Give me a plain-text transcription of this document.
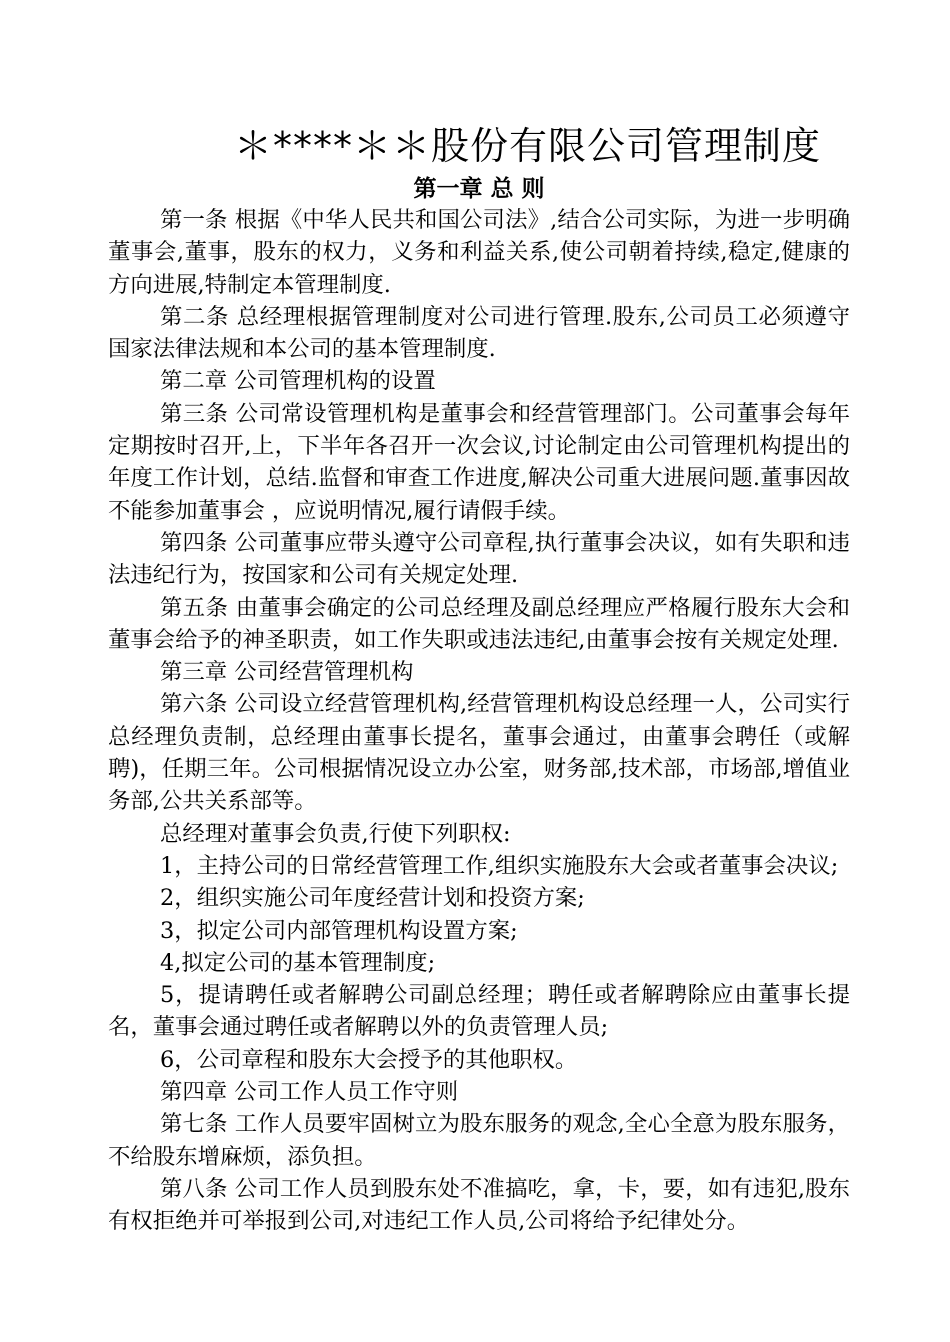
＊****＊＊股份有限公司管理制度
第一章 总 则

第一条 根据《中华人民共和国公司法》,结合公司实际，为进一步明确董事会,董事，股东的权力，义务和利益关系,使公司朝着持续,稳定,健康的方向进展,特制定本管理制度.

第二条 总经理根据管理制度对公司进行管理.股东,公司员工必须遵守国家法律法规和本公司的基本管理制度.

第二章 公司管理机构的设置

第三条 公司常设管理机构是董事会和经营管理部门。公司董事会每年定期按时召开,上，下半年各召开一次会议,讨论制定由公司管理机构提出的年度工作计划，总结.监督和审查工作进度,解决公司重大进展问题.董事因故不能参加董事会 ，应说明情况,履行请假手续。

第四条 公司董事应带头遵守公司章程,执行董事会决议，如有失职和违法违纪行为，按国家和公司有关规定处理.

第五条 由董事会确定的公司总经理及副总经理应严格履行股东大会和董事会给予的神圣职责，如工作失职或违法违纪,由董事会按有关规定处理.

第三章 公司经营管理机构

第六条 公司设立经营管理机构,经营管理机构设总经理一人，公司实行总经理负责制，总经理由董事长提名，董事会通过，由董事会聘任（或解聘)，任期三年。公司根据情况设立办公室，财务部,技术部，市场部,增值业务部,公共关系部等。

总经理对董事会负责,行使下列职权:

1，主持公司的日常经营管理工作,组织实施股东大会或者董事会决议;

2，组织实施公司年度经营计划和投资方案;

3，拟定公司内部管理机构设置方案;

4,拟定公司的基本管理制度;

5，提请聘任或者解聘公司副总经理；聘任或者解聘除应由董事长提名，董事会通过聘任或者解聘以外的负责管理人员;

6，公司章程和股东大会授予的其他职权。

第四章 公司工作人员工作守则

第七条 工作人员要牢固树立为股东服务的观念,全心全意为股东服务，不给股东增麻烦，添负担。

第八条 公司工作人员到股东处不准搞吃，拿，卡，要，如有违犯,股东有权拒绝并可举报到公司,对违纪工作人员,公司将给予纪律处分。
